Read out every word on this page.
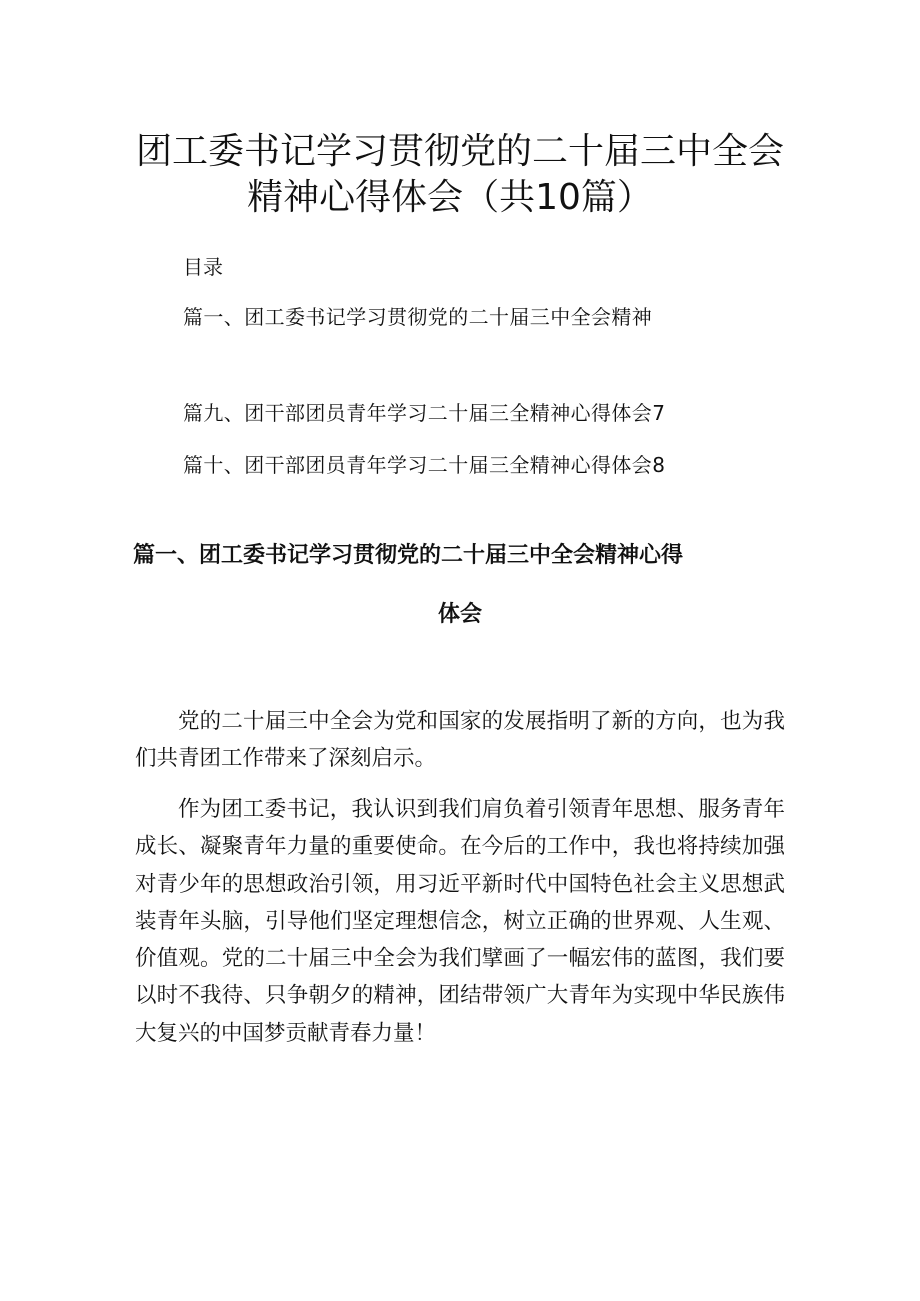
团工委书记学习贯彻党的二十届三中全会
精神心得体会（共10篇）
目录
篇一、团工委书记学习贯彻党的二十届三中全会精神
篇九、团干部团员青年学习二十届三全精神心得体会7
篇十、团干部团员青年学习二十届三全精神心得体会8
篇一、团工委书记学习贯彻党的二十届三中全会精神心得
体会

党的二十届三中全会为党和国家的发展指明了新的方向，也为我们共青团工作带来了深刻启示。

作为团工委书记，我认识到我们肩负着引领青年思想、服务青年成长、凝聚青年力量的重要使命。在今后的工作中，我也将持续加强对青少年的思想政治引领，用习近平新时代中国特色社会主义思想武装青年头脑，引导他们坚定理想信念，树立正确的世界观、人生观、价值观。党的二十届三中全会为我们擘画了一幅宏伟的蓝图，我们要以时不我待、只争朝夕的精神，团结带领广大青年为实现中华民族伟大复兴的中国梦贡献青春力量！
